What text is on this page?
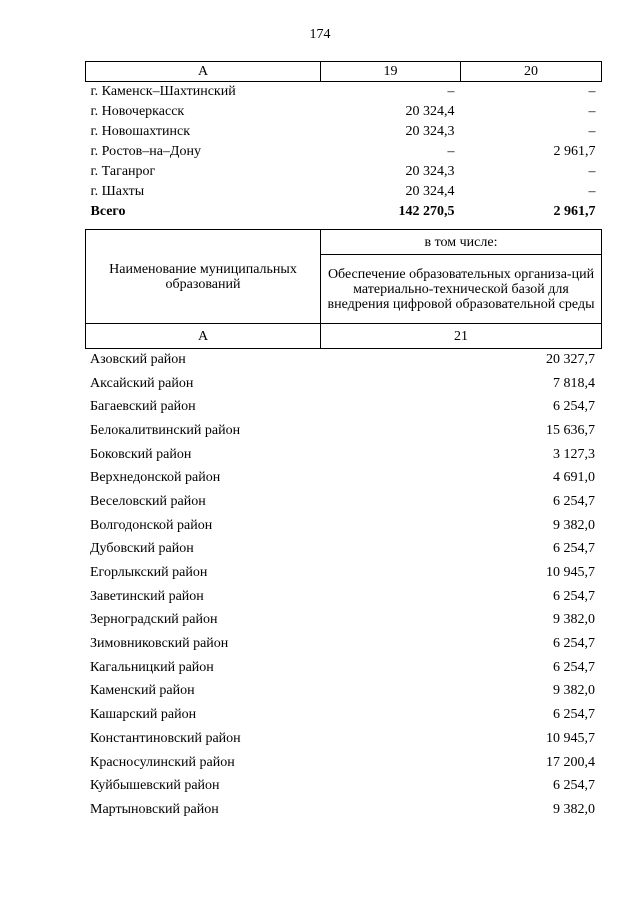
174
А	19	20
г. Каменск–Шахтинский	–	–
г. Новочеркасск	20 324,4	–
г. Новошахтинск	20 324,3	–
г. Ростов–на–Дону	–	2 961,7
г. Таганрог	20 324,3	–
г. Шахты	20 324,4	–
Всего	142 270,5	2 961,7
Наименование муниципальных образований	в том числе:
	Обеспечение образовательных организа-ций материально-технической базой для внедрения цифровой образовательной среды
А	21
Азовский район	20 327,7
Аксайский район	7 818,4
Багаевский район	6 254,7
Белокалитвинский район	15 636,7
Боковский район	3 127,3
Верхнедонской район	4 691,0
Веселовский район	6 254,7
Волгодонской район	9 382,0
Дубовский район	6 254,7
Егорлыкский район	10 945,7
Заветинский район	6 254,7
Зерноградский район	9 382,0
Зимовниковский район	6 254,7
Кагальницкий район	6 254,7
Каменский район	9 382,0
Кашарский район	6 254,7
Константиновский район	10 945,7
Красносулинский район	17 200,4
Куйбышевский район	6 254,7
Мартыновский район	9 382,0
